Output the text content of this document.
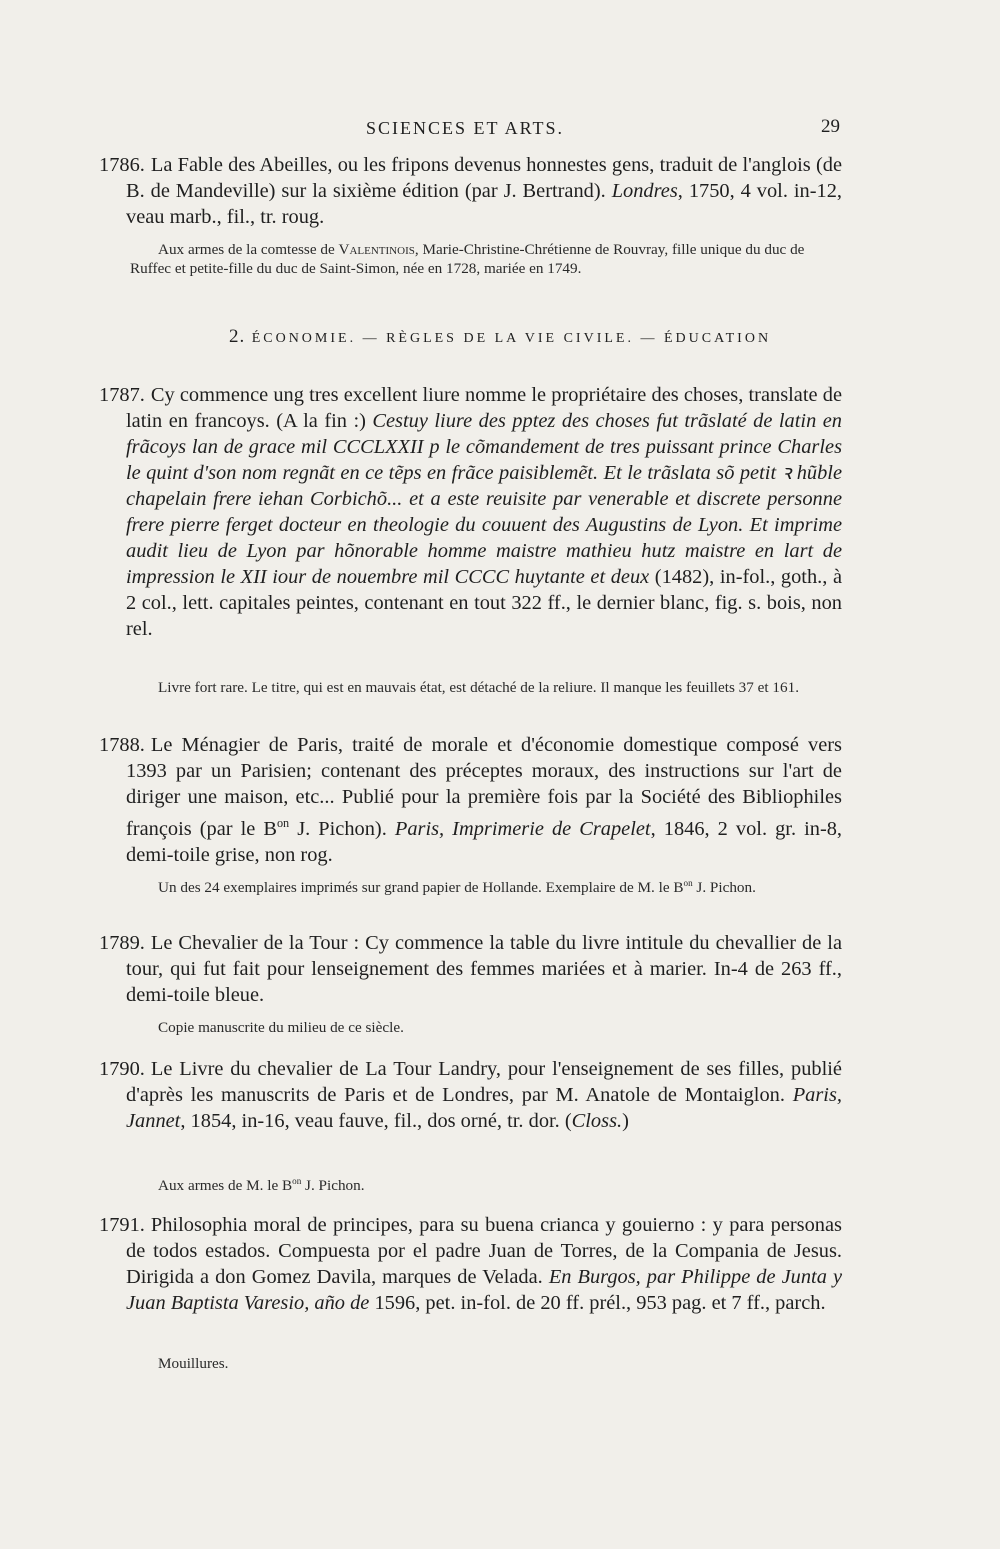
SCIENCES ET ARTS.	29
1786. La Fable des Abeilles, ou les fripons devenus honnestes gens, traduit de l'anglois (de B. de Mandeville) sur la sixième édition (par J. Bertrand). Londres, 1750, 4 vol. in-12, veau marb., fil., tr. roug.
Aux armes de la comtesse de Valentinois, Marie-Christine-Chrétienne de Rouvray, fille unique du duc de Ruffec et petite-fille du duc de Saint-Simon, née en 1728, mariée en 1749.
2. ÉCONOMIE. — RÈGLES DE LA VIE CIVILE. — ÉDUCATION
1787. Cy commence ung tres excellent liure nomme le propriétaire des choses, translate de latin en francoys. (A la fin :) Cestuy liure des pptez des choses fut trãslaté de latin en frãcoys lan de grace mil CCCLXXII p le cõmandement de tres puissant prince Charles le quint d'son nom regnãt en ce tẽps en frãce paisiblemẽt. Et le trãslata sõ petit ꝛ hũble chapelain frere iehan Corbichõ... et a este reuisite par venerable et discrete personne frere pierre ferget docteur en theologie du couuent des Augustins de Lyon. Et imprime audit lieu de Lyon par hõnorable homme maistre mathieu hutz maistre en lart de impression le XII iour de nouembre mil CCCC huytante et deux (1482), in-fol., goth., à 2 col., lett. capitales peintes, contenant en tout 322 ff., le dernier blanc, fig. s. bois, non rel.
Livre fort rare. Le titre, qui est en mauvais état, est détaché de la reliure. Il manque les feuillets 37 et 161.
1788. Le Ménagier de Paris, traité de morale et d'économie domestique composé vers 1393 par un Parisien; contenant des préceptes moraux, des instructions sur l'art de diriger une maison, etc... Publié pour la première fois par la Société des Bibliophiles françois (par le $B^{on}$ J. Pichon). Paris, Imprimerie de Crapelet, 1846, 2 vol. gr. in-8, demi-toile grise, non rog.
Un des 24 exemplaires imprimés sur grand papier de Hollande. Exemplaire de M. le $B^{on}$ J. Pichon.
1789. Le Chevalier de la Tour : Cy commence la table du livre intitule du chevallier de la tour, qui fut fait pour lenseignement des femmes mariées et à marier. In-4 de 263 ff., demi-toile bleue.
Copie manuscrite du milieu de ce siècle.
1790. Le Livre du chevalier de La Tour Landry, pour l'enseignement de ses filles, publié d'après les manuscrits de Paris et de Londres, par M. Anatole de Montaiglon. Paris, Jannet, 1854, in-16, veau fauve, fil., dos orné, tr. dor. (Closs.)
Aux armes de M. le $B^{on}$ J. Pichon.
1791. Philosophia moral de principes, para su buena crianca y gouierno : y para personas de todos estados. Compuesta por el padre Juan de Torres, de la Compania de Jesus. Dirigida a don Gomez Davila, marques de Velada. En Burgos, par Philippe de Junta y Juan Baptista Varesio, año de 1596, pet. in-fol. de 20 ff. prél., 953 pag. et 7 ff., parch.
Mouillures.
